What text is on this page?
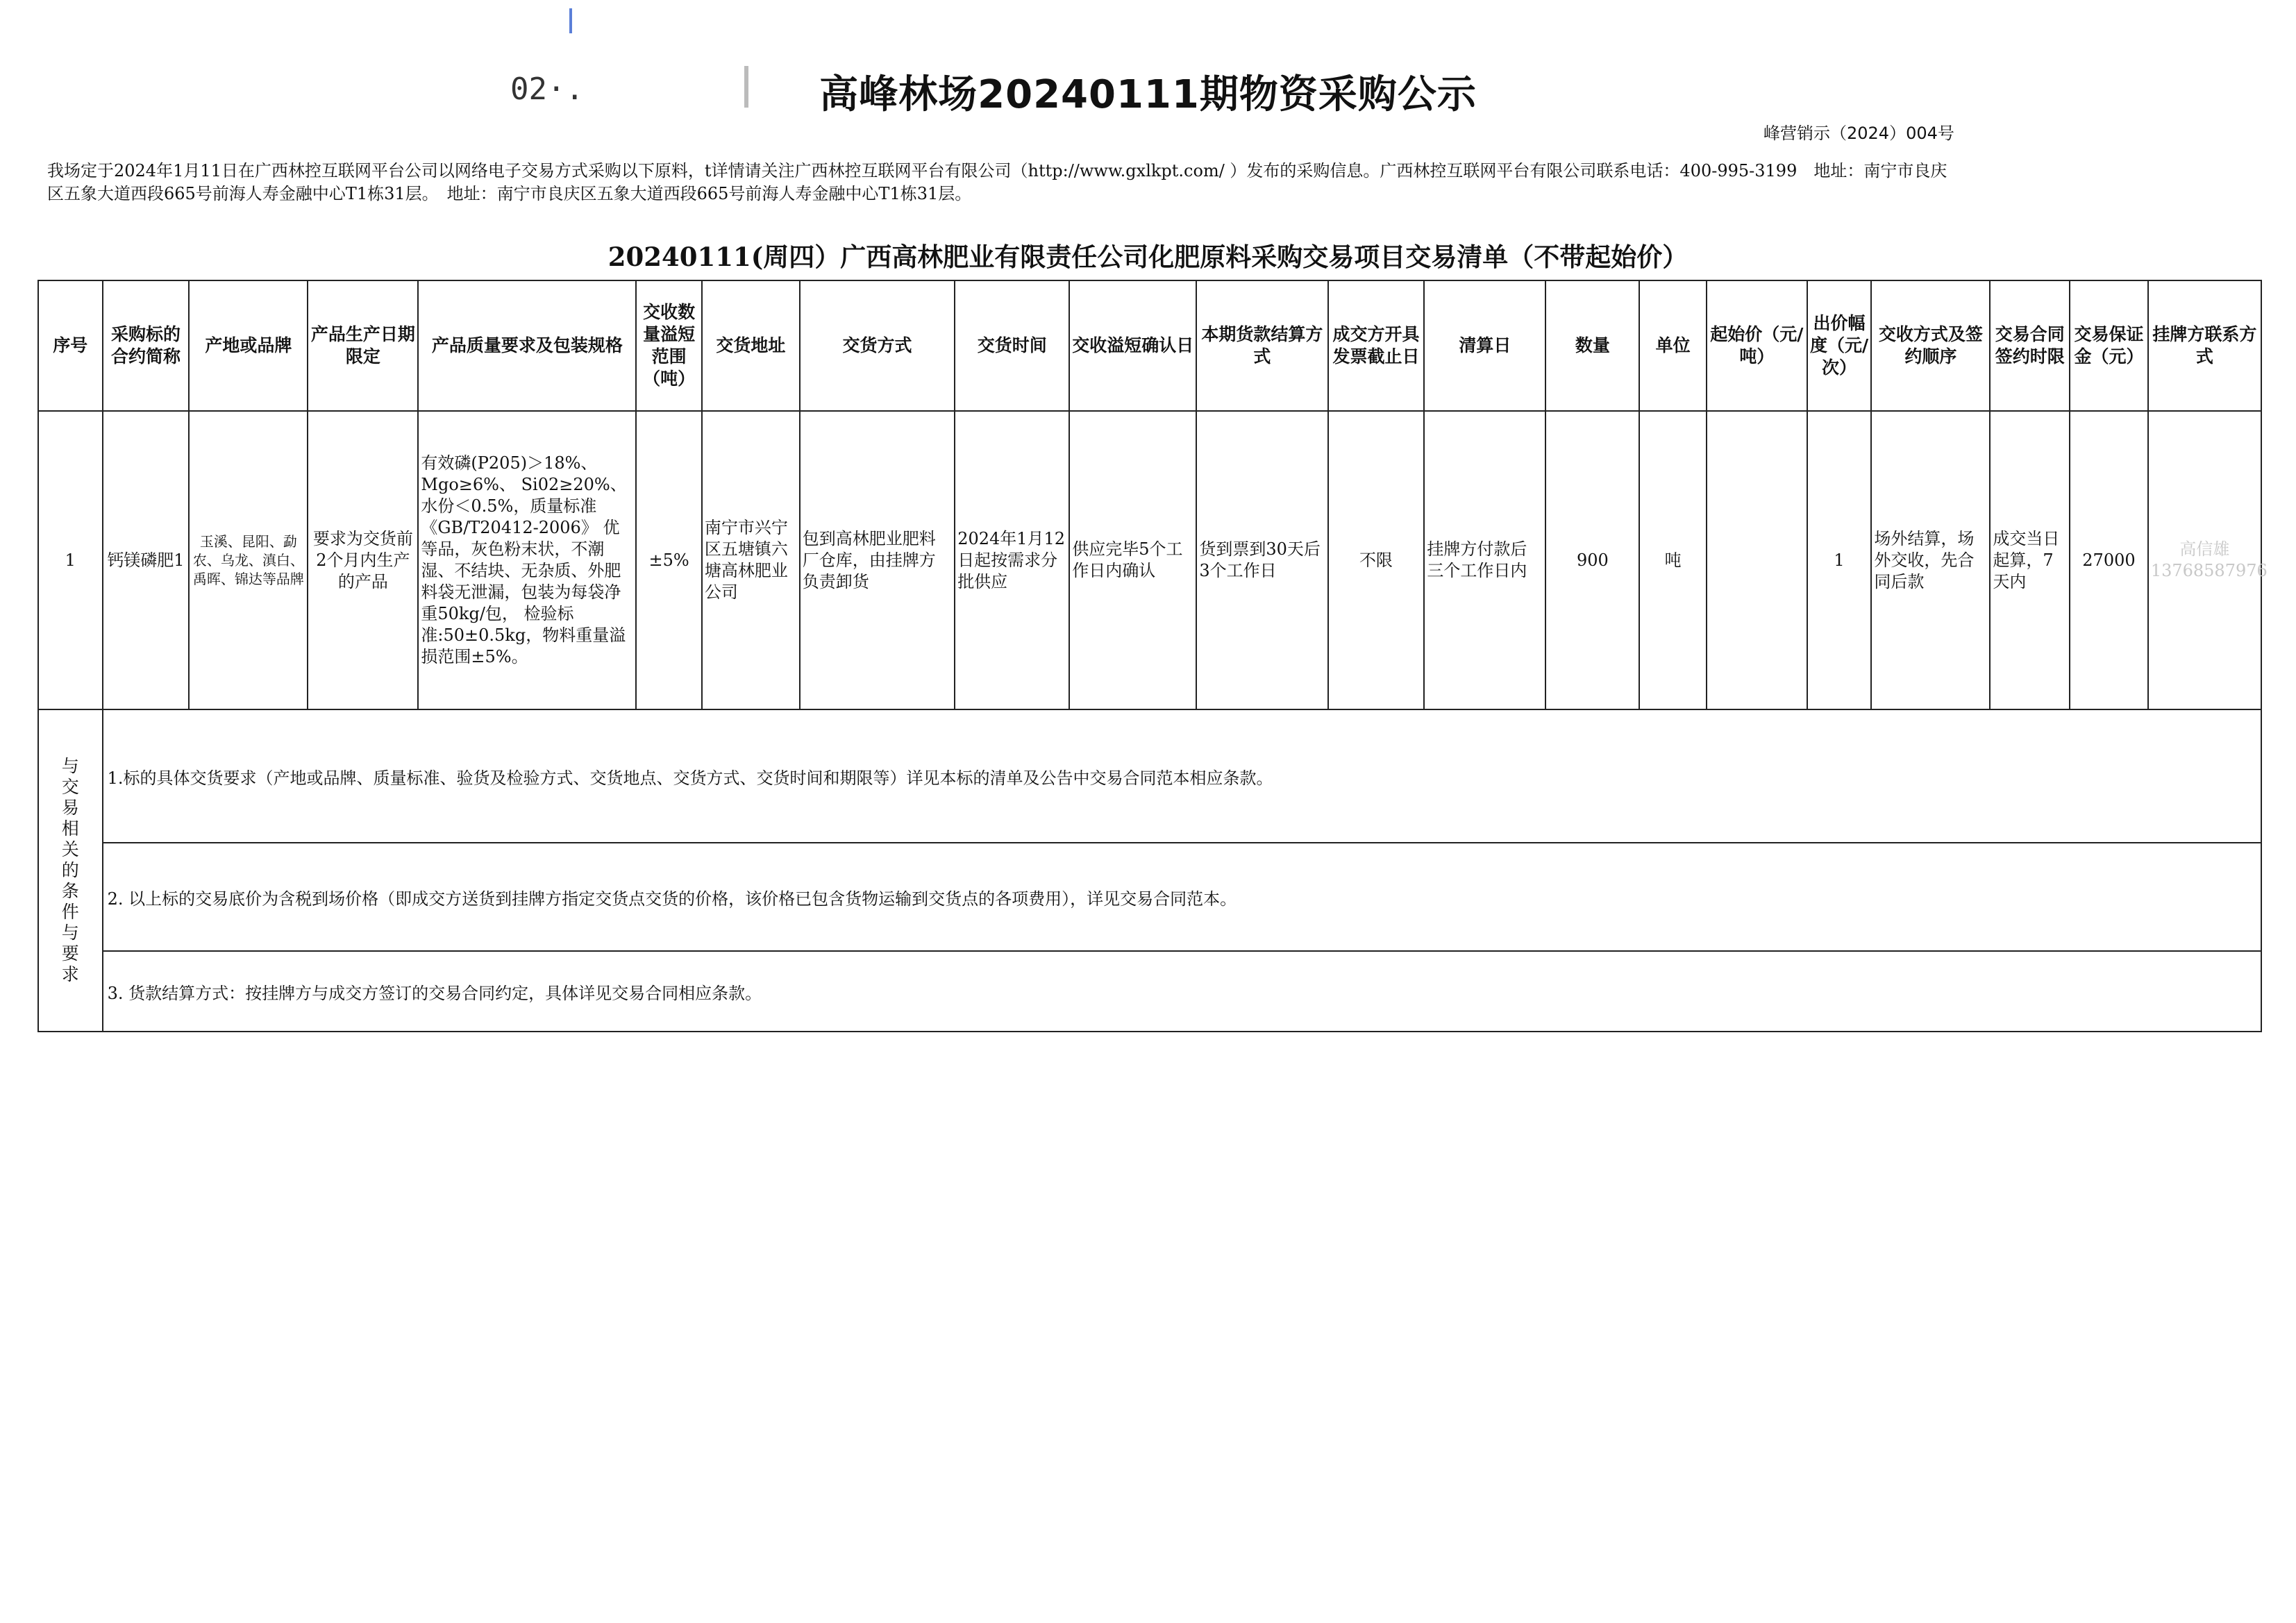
02·.	高峰林场20240111期物资采购公示
峰营销示（2024）004号
我场定于2024年1月11日在广西林控互联网平台公司以网络电子交易方式采购以下原料，t详情请关注广西林控互联网平台有限公司（http://www.gxlkpt.com/ ）发布的采购信息。广西林控互联网平台有限公司联系电话：400-995-3199　地址：南宁市良庆
区五象大道西段665号前海人寿金融中心T1栋31层。　地址：南宁市良庆区五象大道西段665号前海人寿金融中心T1栋31层。
20240111(周四）广西高林肥业有限责任公司化肥原料采购交易项目交易清单（不带起始价）
序号	采购标的合约简称	产地或品牌	产品生产日期限定	产品质量要求及包装规格	交收数量溢短范围（吨）	交货地址	交货方式	交货时间	交收溢短确认日	本期货款结算方式	成交方开具发票截止日	清算日	数量	单位	起始价（元/吨）	出价幅度（元/次）	交收方式及签约顺序	交易合同签约时限	交易保证金（元）	挂牌方联系方式
1	钙镁磷肥1	玉溪、昆阳、勐农、乌龙、滇白、禹晖、锦达等品牌	要求为交货前2个月内生产的产品	有效磷(P205)＞18%、 Mgo≥6%、 Si02≥20%、水份＜0.5%，质量标准《GB/T20412-2006》 优等品，灰色粉末状，不潮湿、不结块、无杂质、外肥料袋无泄漏，包装为每袋净重50kg/包， 检验标准:50±0.5kg，物料重量溢损范围±5%。	±5%	南宁市兴宁区五塘镇六塘高林肥业公司	包到高林肥业肥料厂仓库，由挂牌方负责卸货	2024年1月12日起按需求分批供应	供应完毕5个工作日内确认	货到票到30天后3个工作日	不限	挂牌方付款后三个工作日内	900	吨		1	场外结算，场外交收，先合同后款	成交当日起算，7天内	27000	高信雄
13768587976

与交易相关的条件与要求	1.标的具体交货要求（产地或品牌、质量标准、验货及检验方式、交货地点、交货方式、交货时间和期限等）详见本标的清单及公告中交易合同范本相应条款。																			
	2. 以上标的交易底价为含税到场价格（即成交方送货到挂牌方指定交货点交货的价格，该价格已包含货物运输到交货点的各项费用），详见交易合同范本。																			
	3. 货款结算方式：按挂牌方与成交方签订的交易合同约定，具体详见交易合同相应条款。																			
